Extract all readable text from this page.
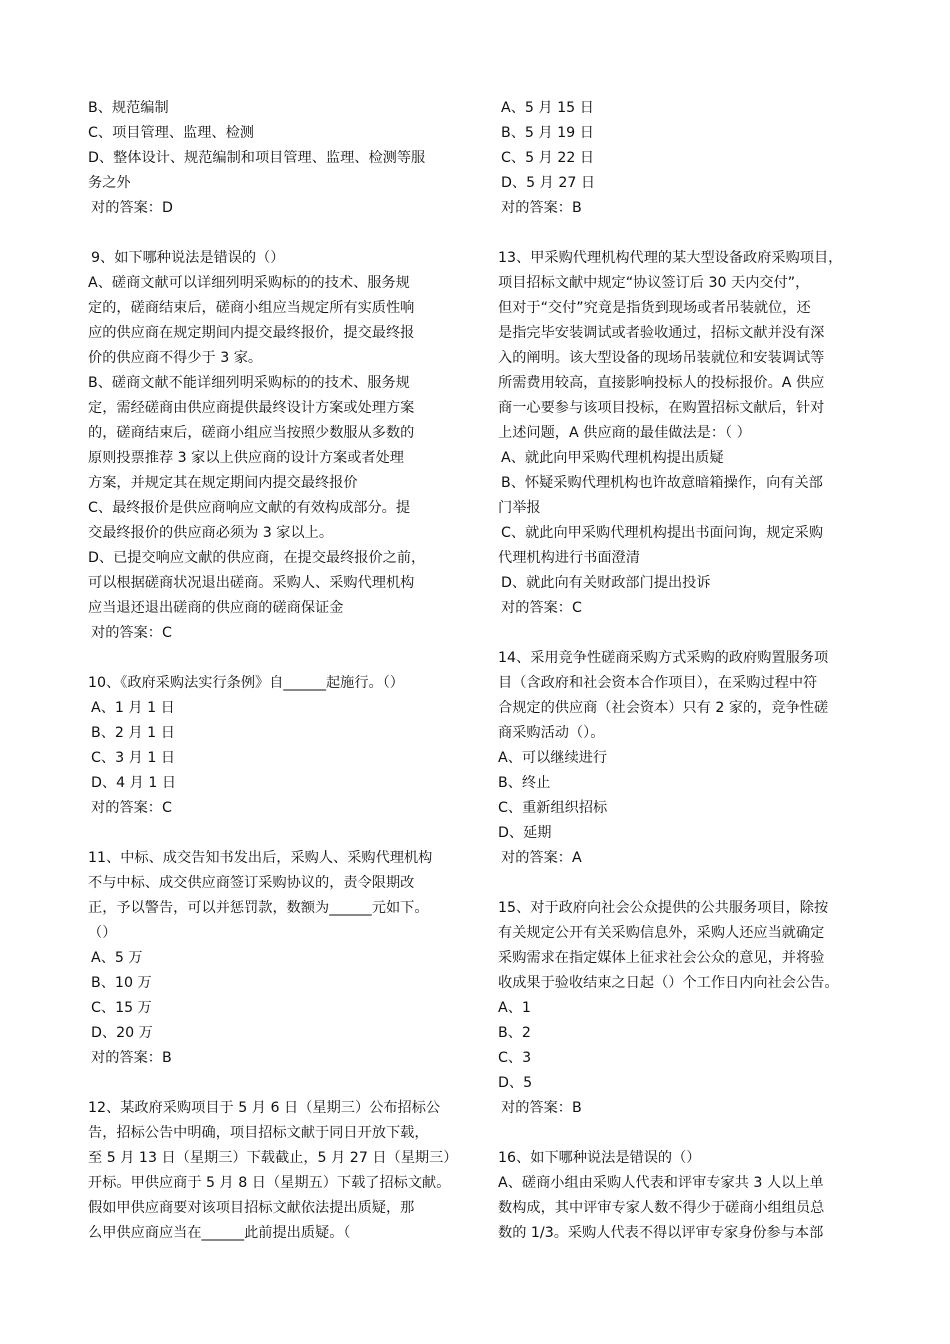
B、规范编制
C、项目管理、监理、检测
D、整体设计、规范编制和项目管理、监理、检测等服
务之外
对的答案：D
9、如下哪种说法是错误的（）
A、磋商文献可以详细列明采购标的的技术、服务规
定的，磋商结束后，磋商小组应当规定所有实质性响
应的供应商在规定期间内提交最终报价，提交最终报
价的供应商不得少于 3 家。
B、磋商文献不能详细列明采购标的的技术、服务规
定，需经磋商由供应商提供最终设计方案或处理方案
的，磋商结束后，磋商小组应当按照少数服从多数的
原则投票推荐 3 家以上供应商的设计方案或者处理
方案，并规定其在规定期间内提交最终报价
C、最终报价是供应商响应文献的有效构成部分。提
交最终报价的供应商必须为 3 家以上。
D、已提交响应文献的供应商，在提交最终报价之前，
可以根据磋商状况退出磋商。采购人、采购代理机构
应当退还退出磋商的供应商的磋商保证金
对的答案：C
10、《政府采购法实行条例》自______起施行。（）
A、1 月 1 日
B、2 月 1 日
C、3 月 1 日
D、4 月 1 日
对的答案：C
11、中标、成交告知书发出后，采购人、采购代理机构
不与中标、成交供应商签订采购协议的，责令限期改
正，予以警告，可以并惩罚款，数额为______元如下。
（）
A、5 万
B、10 万
C、15 万
D、20 万
对的答案：B
12、某政府采购项目于 5 月 6 日（星期三）公布招标公
告，招标公告中明确，项目招标文献于同日开放下载，
至 5 月 13 日（星期三）下载截止，5 月 27 日（星期三）
开标。甲供应商于 5 月 8 日（星期五）下载了招标文献。
假如甲供应商要对该项目招标文献依法提出质疑，那
么甲供应商应当在______此前提出质疑。（
A、5 月 15 日
B、5 月 19 日
C、5 月 22 日
D、5 月 27 日
对的答案：B
13、甲采购代理机构代理的某大型设备政府采购项目，
项目招标文献中规定“协议签订后 30 天内交付”，
但对于“交付”究竟是指货到现场或者吊装就位，还
是指完毕安装调试或者验收通过，招标文献并没有深
入的阐明。该大型设备的现场吊装就位和安装调试等
所需费用较高，直接影响投标人的投标报价。A 供应
商一心要参与该项目投标，在购置招标文献后，针对
上述问题，A 供应商的最佳做法是：（ ）
A、就此向甲采购代理机构提出质疑
B、怀疑采购代理机构也许故意暗箱操作，向有关部
门举报
C、就此向甲采购代理机构提出书面问询，规定采购
代理机构进行书面澄清
D、就此向有关财政部门提出投诉
对的答案：C
14、采用竞争性磋商采购方式采购的政府购置服务项
目（含政府和社会资本合作项目），在采购过程中符
合规定的供应商（社会资本）只有 2 家的，竞争性磋
商采购活动（）。
A、可以继续进行
B、终止
C、重新组织招标
D、延期
对的答案：A
15、对于政府向社会公众提供的公共服务项目，除按
有关规定公开有关采购信息外，采购人还应当就确定
采购需求在指定媒体上征求社会公众的意见，并将验
收成果于验收结束之日起（）个工作日内向社会公告。
A、1
B、2
C、3
D、5
对的答案：B
16、如下哪种说法是错误的（）
A、磋商小组由采购人代表和评审专家共 3 人以上单
数构成，其中评审专家人数不得少于磋商小组组员总
数的 1/3。采购人代表不得以评审专家身份参与本部
